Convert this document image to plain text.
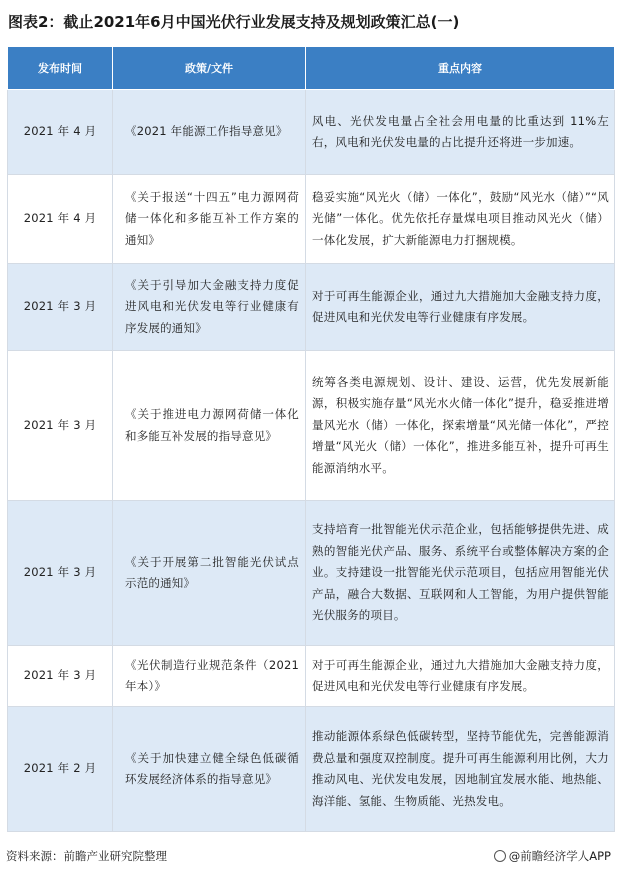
图表2：截止2021年6月中国光伏行业发展支持及规划政策汇总(一)
发布时间	政策/文件	重点内容
2021 年 4 月	《2021 年能源工作指导意见》	风电、光伏发电量占全社会用电量的比重达到 11%左右，风电和光伏发电量的占比提升还将进一步加速。
2021 年 4 月	《关于报送“十四五”电力源网荷储一体化和多能互补工作方案的通知》	稳妥实施“风光火（储）一体化”，鼓励“风光水（储）”“风光储”一体化。优先依托存量煤电项目推动风光火（储）一体化发展，扩大新能源电力打捆规模。
2021 年 3 月	《关于引导加大金融支持力度促进风电和光伏发电等行业健康有序发展的通知》	对于可再生能源企业，通过九大措施加大金融支持力度，促进风电和光伏发电等行业健康有序发展。
2021 年 3 月	《关于推进电力源网荷储一体化和多能互补发展的指导意见》	统筹各类电源规划、设计、建设、运营，优先发展新能源，积极实施存量“风光水火储一体化”提升，稳妥推进增量风光水（储）一体化，探索增量“风光储一体化”，严控增量“风光火（储）一体化”，推进多能互补，提升可再生能源消纳水平。
2021 年 3 月	《关于开展第二批智能光伏试点示范的通知》	支持培育一批智能光伏示范企业，包括能够提供先进、成熟的智能光伏产品、服务、系统平台或整体解决方案的企业。支持建设一批智能光伏示范项目，包括应用智能光伏产品，融合大数据、互联网和人工智能，为用户提供智能光伏服务的项目。
2021 年 3 月	《光伏制造行业规范条件（2021 年本）》	对于可再生能源企业，通过九大措施加大金融支持力度，促进风电和光伏发电等行业健康有序发展。
2021 年 2 月	《关于加快建立健全绿色低碳循环发展经济体系的指导意见》	推动能源体系绿色低碳转型，坚持节能优先，完善能源消费总量和强度双控制度。提升可再生能源利用比例，大力推动风电、光伏发电发展，因地制宜发展水能、地热能、海洋能、氢能、生物质能、光热发电。
资料来源：前瞻产业研究院整理	@前瞻经济学人APP
